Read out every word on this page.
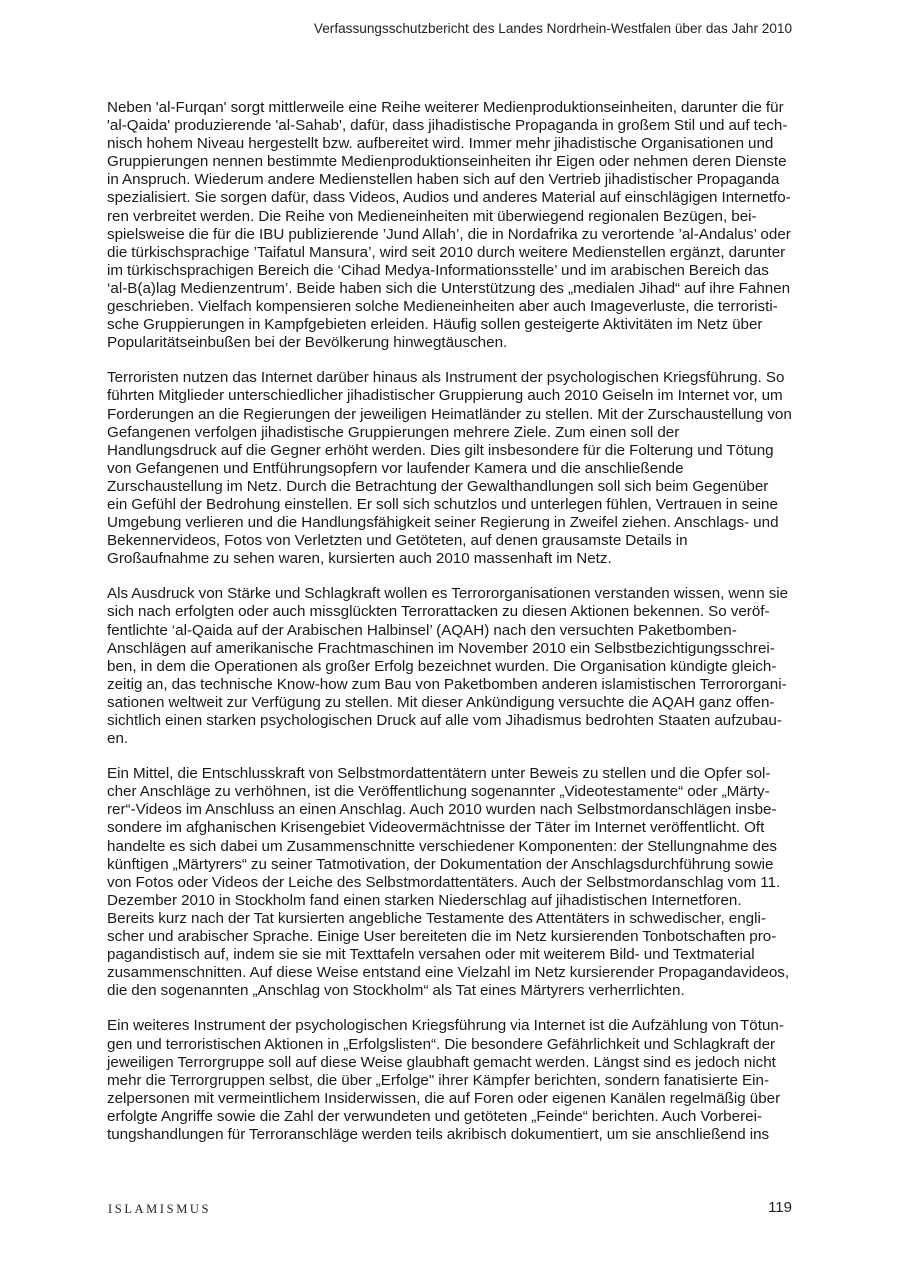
Verfassungsschutzbericht des Landes Nordrhein-Westfalen über das Jahr 2010

Neben 'al-Furqan' sorgt mittlerweile eine Reihe weiterer Medienproduktionseinheiten, darunter die für 'al-Qaida' produzierende 'al-Sahab', dafür, dass jihadistische Propaganda in großem Stil und auf technisch hohem Niveau hergestellt bzw. aufbereitet wird. Immer mehr jihadistische Organisationen und Gruppierungen nennen bestimmte Medienproduktionseinheiten ihr Eigen oder nehmen deren Dienste in Anspruch. Wiederum andere Medienstellen haben sich auf den Vertrieb jihadistischer Propaganda spezialisiert. Sie sorgen dafür, dass Videos, Audios und anderes Material auf einschlägigen Internetforen verbreitet werden. Die Reihe von Medieneinheiten mit überwiegend regionalen Bezügen, beispielsweise die für die IBU publizierende ’Jund Allah’, die in Nordafrika zu verortende ’al-Andalus’ oder die türkischsprachige ’Taifatul Mansura’, wird seit 2010 durch weitere Medienstellen ergänzt, darunter im türkischsprachigen Bereich die ‘Cihad Medya-Informationsstelle’ und im arabischen Bereich das ‘al-B(a)lag Medienzentrum’. Beide haben sich die Unterstützung des „medialen Jihad“ auf ihre Fahnen geschrieben. Vielfach kompensieren solche Medieneinheiten aber auch Imageverluste, die terroristische Gruppierungen in Kampfgebieten erleiden. Häufig sollen gesteigerte Aktivitäten im Netz über Popularitätseinbußen bei der Bevölkerung hinwegtäuschen.

Terroristen nutzen das Internet darüber hinaus als Instrument der psychologischen Kriegsführung. So führten Mitglieder unterschiedlicher jihadistischer Gruppierung auch 2010 Geiseln im Internet vor, um Forderungen an die Regierungen der jeweiligen Heimatländer zu stellen. Mit der Zurschaustellung von Gefangenen verfolgen jihadistische Gruppierungen mehrere Ziele. Zum einen soll der Handlungsdruck auf die Gegner erhöht werden. Dies gilt insbesondere für die Folterung und Tötung von Gefangenen und Entführungsopfern vor laufender Kamera und die anschließende Zurschaustellung im Netz. Durch die Betrachtung der Gewalthandlungen soll sich beim Gegenüber ein Gefühl der Bedrohung einstellen. Er soll sich schutzlos und unterlegen fühlen, Vertrauen in seine Umgebung verlieren und die Handlungsfähigkeit seiner Regierung in Zweifel ziehen. Anschlags- und Bekennervideos, Fotos von Verletzten und Getöteten, auf denen grausamste Details in Großaufnahme zu sehen waren, kursierten auch 2010 massenhaft im Netz.

Als Ausdruck von Stärke und Schlagkraft wollen es Terrororganisationen verstanden wissen, wenn sie sich nach erfolgten oder auch missglückten Terrorattacken zu diesen Aktionen bekennen. So veröffentlichte ‘al-Qaida auf der Arabischen Halbinsel’ (AQAH) nach den versuchten Paketbomben-Anschlägen auf amerikanische Frachtmaschinen im November 2010 ein Selbstbezichtigungsschreiben, in dem die Operationen als großer Erfolg bezeichnet wurden. Die Organisation kündigte gleichzeitig an, das technische Know-how zum Bau von Paketbomben anderen islamistischen Terrororganisationen weltweit zur Verfügung zu stellen. Mit dieser Ankündigung versuchte die AQAH ganz offensichtlich einen starken psychologischen Druck auf alle vom Jihadismus bedrohten Staaten aufzubauen.

Ein Mittel, die Entschlusskraft von Selbstmordattentätern unter Beweis zu stellen und die Opfer solcher Anschläge zu verhöhnen, ist die Veröffentlichung sogenannter „Videotestamente“ oder „Märtyrer“-Videos im Anschluss an einen Anschlag. Auch 2010 wurden nach Selbstmordanschlägen insbesondere im afghanischen Krisengebiet Videovermächtnisse der Täter im Internet veröffentlicht. Oft handelte es sich dabei um Zusammenschnitte verschiedener Komponenten: der Stellungnahme des künftigen „Märtyrers“ zu seiner Tatmotivation, der Dokumentation der Anschlagsdurchführung sowie von Fotos oder Videos der Leiche des Selbstmordattentäters. Auch der Selbstmordanschlag vom 11. Dezember 2010 in Stockholm fand einen starken Niederschlag auf jihadistischen Internetforen. Bereits kurz nach der Tat kursierten angebliche Testamente des Attentäters in schwedischer, englischer und arabischer Sprache. Einige User bereiteten die im Netz kursierenden Tonbotschaften propagandistisch auf, indem sie sie mit Texttafeln versahen oder mit weiterem Bild- und Textmaterial zusammenschnitten. Auf diese Weise entstand eine Vielzahl im Netz kursierender Propagandavideos, die den sogenannten „Anschlag von Stockholm“ als Tat eines Märtyrers verherrlichten.

Ein weiteres Instrument der psychologischen Kriegsführung via Internet ist die Aufzählung von Tötungen und terroristischen Aktionen in „Erfolgslisten“. Die besondere Gefährlichkeit und Schlagkraft der jeweiligen Terrorgruppe soll auf diese Weise glaubhaft gemacht werden. Längst sind es jedoch nicht mehr die Terrorgruppen selbst, die über „Erfolge" ihrer Kämpfer berichten, sondern fanatisierte Einzelpersonen mit vermeintlichem Insiderwissen, die auf Foren oder eigenen Kanälen regelmäßig über erfolgte Angriffe sowie die Zahl der verwundeten und getöteten „Feinde“ berichten. Auch Vorbereitungshandlungen für Terroranschläge werden teils akribisch dokumentiert, um sie anschließend ins

ISLAMISMUS	119
